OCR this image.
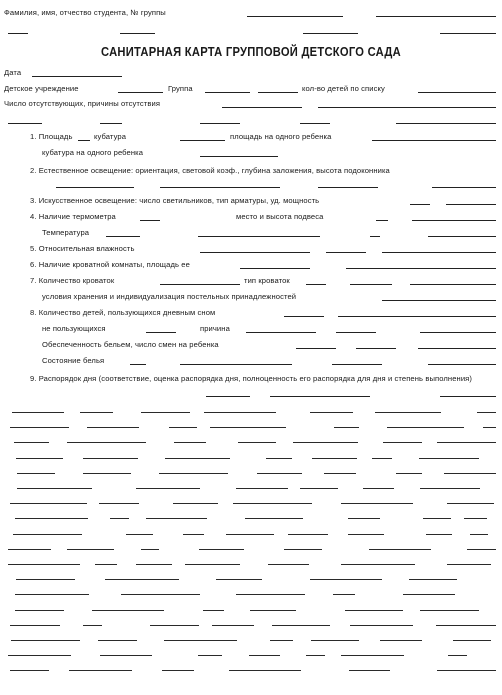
Фамилия, имя, отчество студента, № группы
САНИТАРНАЯ КАРТА ГРУППОВОЙ ДЕТСКОГО САДА
Дата
Детское учреждение	Группа	кол-во детей по списку
Число отсутствующих, причины отсутствия
1. Площадь	кубатура	площадь на одного ребенка
кубатура на одного ребенка
2. Естественное освещение: ориентация, световой коэф., глубина заложения, высота подоконника
3. Искусственное освещение: число светильников, тип арматуры, уд. мощность
4. Наличие термометра	место и высота подвеса
Температура
5. Относительная влажность
6. Наличие кроватной комнаты, площадь ее
7. Количество кроваток	тип кроваток
условия хранения и индивидуализация постельных принадлежностей
8. Количество детей, пользующихся дневным сном
не пользующихся	причина
Обеспеченность бельем, число смен на ребенка
Состояние белья
9. Распорядок дня (соответствие, оценка распорядка дня, полноценность его распорядка для дня и степень выполнения)
